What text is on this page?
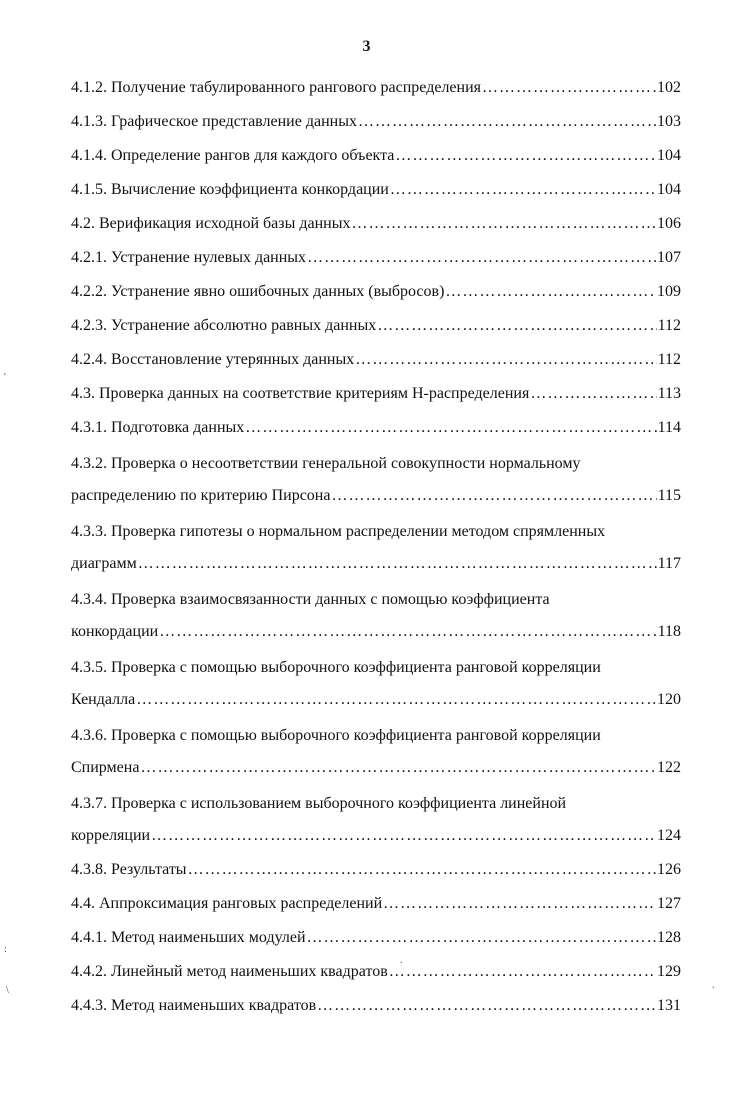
3
4.1.2. Получение табулированного рангового распределения …………………………………………………………………………………………………………………………………………………………………………………	102
4.1.3. Графическое представление данных …………………………………………………………………………………………………………………………………………………………………………………	103
4.1.4. Определение рангов для каждого объекта …………………………………………………………………………………………………………………………………………………………………………………	104
4.1.5. Вычисление коэффициента конкордации …………………………………………………………………………………………………………………………………………………………………………………	104
4.2. Верификация исходной базы данных …………………………………………………………………………………………………………………………………………………………………………………	106
4.2.1. Устранение нулевых данных …………………………………………………………………………………………………………………………………………………………………………………	107
4.2.2. Устранение явно ошибочных данных (выбросов) …………………………………………………………………………………………………………………………………………………………………………………	109
4.2.3. Устранение абсолютно равных данных …………………………………………………………………………………………………………………………………………………………………………………	112
4.2.4. Восстановление утерянных данных …………………………………………………………………………………………………………………………………………………………………………………	112
4.3. Проверка данных на соответствие критериям Н-распределения …………………………………………………………………………………………………………………………………………………………………………………	113
4.3.1. Подготовка данных …………………………………………………………………………………………………………………………………………………………………………………	114
4.3.2. Проверка о несоответствии генеральной совокупности нормальному
распределению по критерию Пирсона …………………………………………………………………………………………………………………………………………………………………………………	115
4.3.3. Проверка гипотезы о нормальном распределении методом спрямленных
диаграмм …………………………………………………………………………………………………………………………………………………………………………………	117
4.3.4. Проверка взаимосвязанности данных с помощью коэффициента
конкордации …………………………………………………………………………………………………………………………………………………………………………………	118
4.3.5. Проверка с помощью выборочного коэффициента ранговой корреляции
Кендалла …………………………………………………………………………………………………………………………………………………………………………………	120
4.3.6. Проверка с помощью выборочного коэффициента ранговой корреляции
Спирмена …………………………………………………………………………………………………………………………………………………………………………………	122
4.3.7. Проверка с использованием выборочного коэффициента линейной
корреляции …………………………………………………………………………………………………………………………………………………………………………………	124
4.3.8. Результаты …………………………………………………………………………………………………………………………………………………………………………………	126
4.4. Аппроксимация ранговых распределений …………………………………………………………………………………………………………………………………………………………………………………	127
4.4.1. Метод наименьших модулей …………………………………………………………………………………………………………………………………………………………………………………	128
4.4.2. Линейный метод наименьших квадратов …………………………………………………………………………………………………………………………………………………………………………………	129
4.4.3. Метод наименьших квадратов …………………………………………………………………………………………………………………………………………………………………………………	131
'
:
\
.
.
